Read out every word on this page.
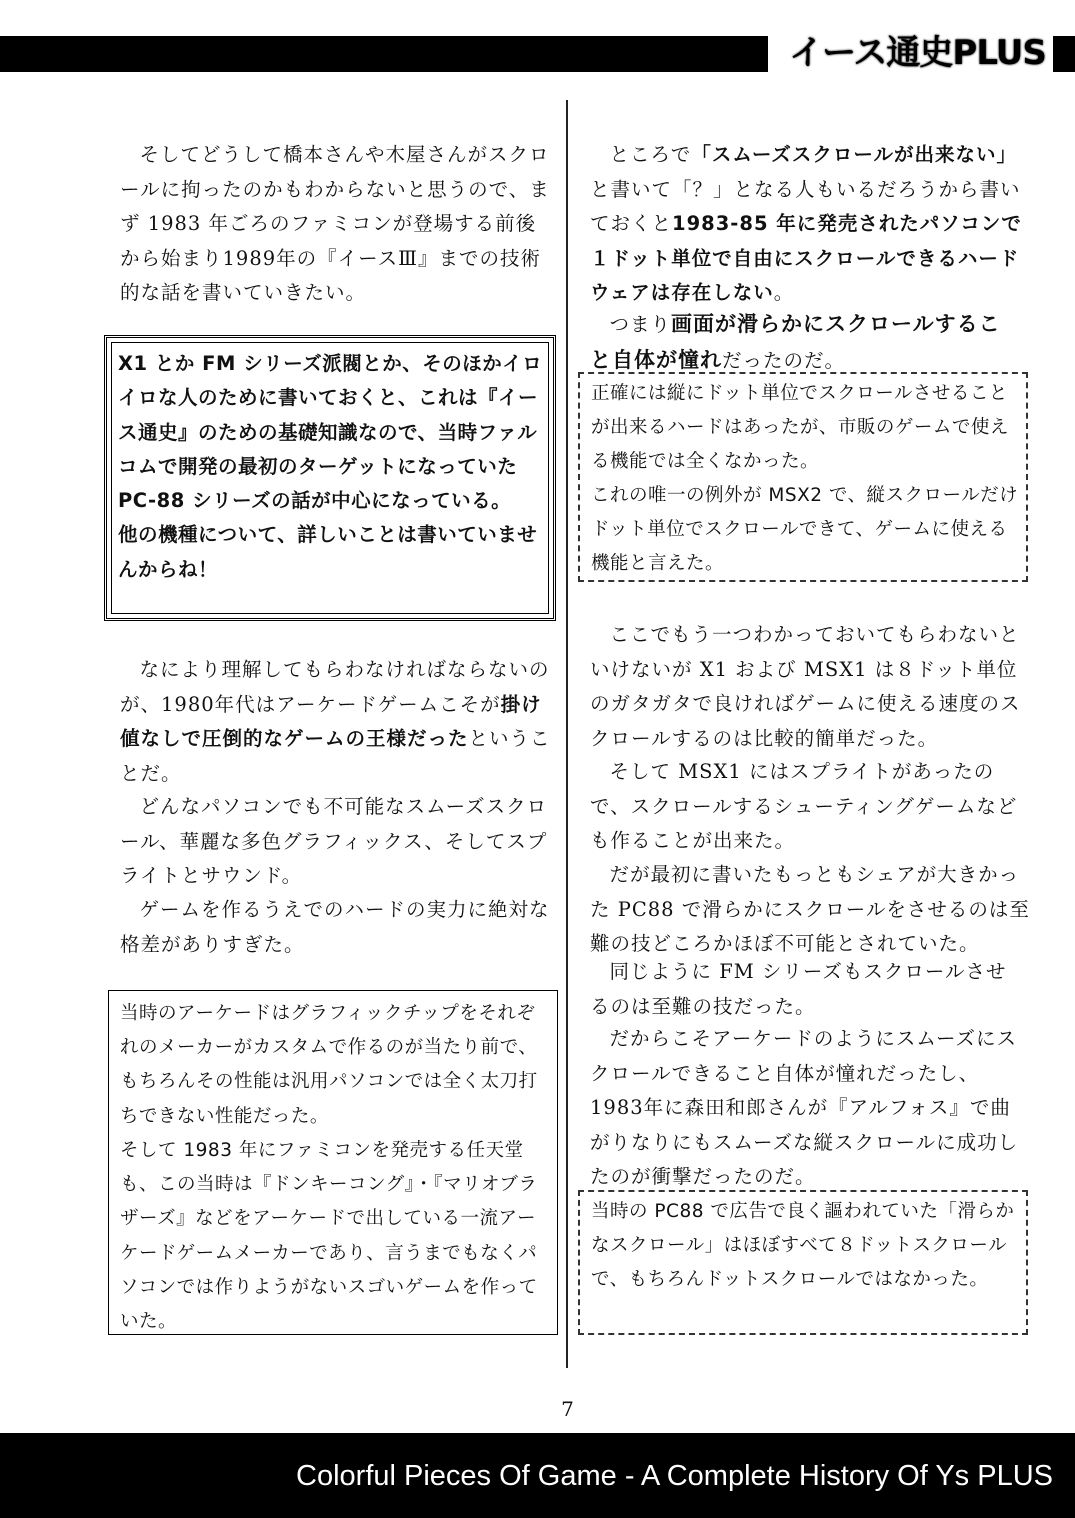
イース通史PLUS

そしてどうして橋本さんや木屋さんがスクロールに拘ったのかもわからないと思うので、まず 1983 年ごろのファミコンが登場する前後から始まり1989年の『イースⅢ』までの技術的な話を書いていきたい。

X1 とか FM シリーズ派閥とか、そのほかイロイロな人のために書いておくと、これは『イース通史』のための基礎知識なので、当時ファルコムで開発の最初のターゲットになっていた PC-88 シリーズの話が中心になっている。

他の機種について、詳しいことは書いていませんからね！

なにより理解してもらわなければならないのが、1980年代はアーケードゲームこそが掛け値なしで圧倒的なゲームの王様だったということだ。

どんなパソコンでも不可能なスムーズスクロール、華麗な多色グラフィックス、そしてスプライトとサウンド。

ゲームを作るうえでのハードの実力に絶対な格差がありすぎた。

当時のアーケードはグラフィックチップをそれぞれのメーカーがカスタムで作るのが当たり前で、もちろんその性能は汎用パソコンでは全く太刀打ちできない性能だった。

そして 1983 年にファミコンを発売する任天堂も、この当時は『ドンキーコング』・『マリオブラザーズ』などをアーケードで出している一流アーケードゲームメーカーであり、言うまでもなくパソコンでは作りようがないスゴいゲームを作っていた。

ところで「スムーズスクロールが出来ない」と書いて「？」となる人もいるだろうから書いておくと1983-85 年に発売されたパソコンで１ドット単位で自由にスクロールできるハードウェアは存在しない。

つまり画面が滑らかにスクロールすること自体が憧れだったのだ。

正確には縦にドット単位でスクロールさせることが出来るハードはあったが、市販のゲームで使える機能では全くなかった。

これの唯一の例外が MSX2 で、縦スクロールだけドット単位でスクロールできて、ゲームに使える機能と言えた。

ここでもう一つわかっておいてもらわないといけないが X1 および MSX1 は８ドット単位のガタガタで良ければゲームに使える速度のスクロールするのは比較的簡単だった。

そして MSX1 にはスプライトがあったので、スクロールするシューティングゲームなども作ることが出来た。

だが最初に書いたもっともシェアが大きかった PC88 で滑らかにスクロールをさせるのは至難の技どころかほぼ不可能とされていた。

同じように FM シリーズもスクロールさせるのは至難の技だった。

だからこそアーケードのようにスムーズにスクロールできること自体が憧れだったし、1983年に森田和郎さんが『アルフォス』で曲がりなりにもスムーズな縦スクロールに成功したのが衝撃だったのだ。

当時の PC88 で広告で良く謳われていた「滑らかなスクロール」はほぼすべて８ドットスクロールで、もちろんドットスクロールではなかった。

7
Colorful Pieces Of Game - A Complete History Of Ys PLUS
